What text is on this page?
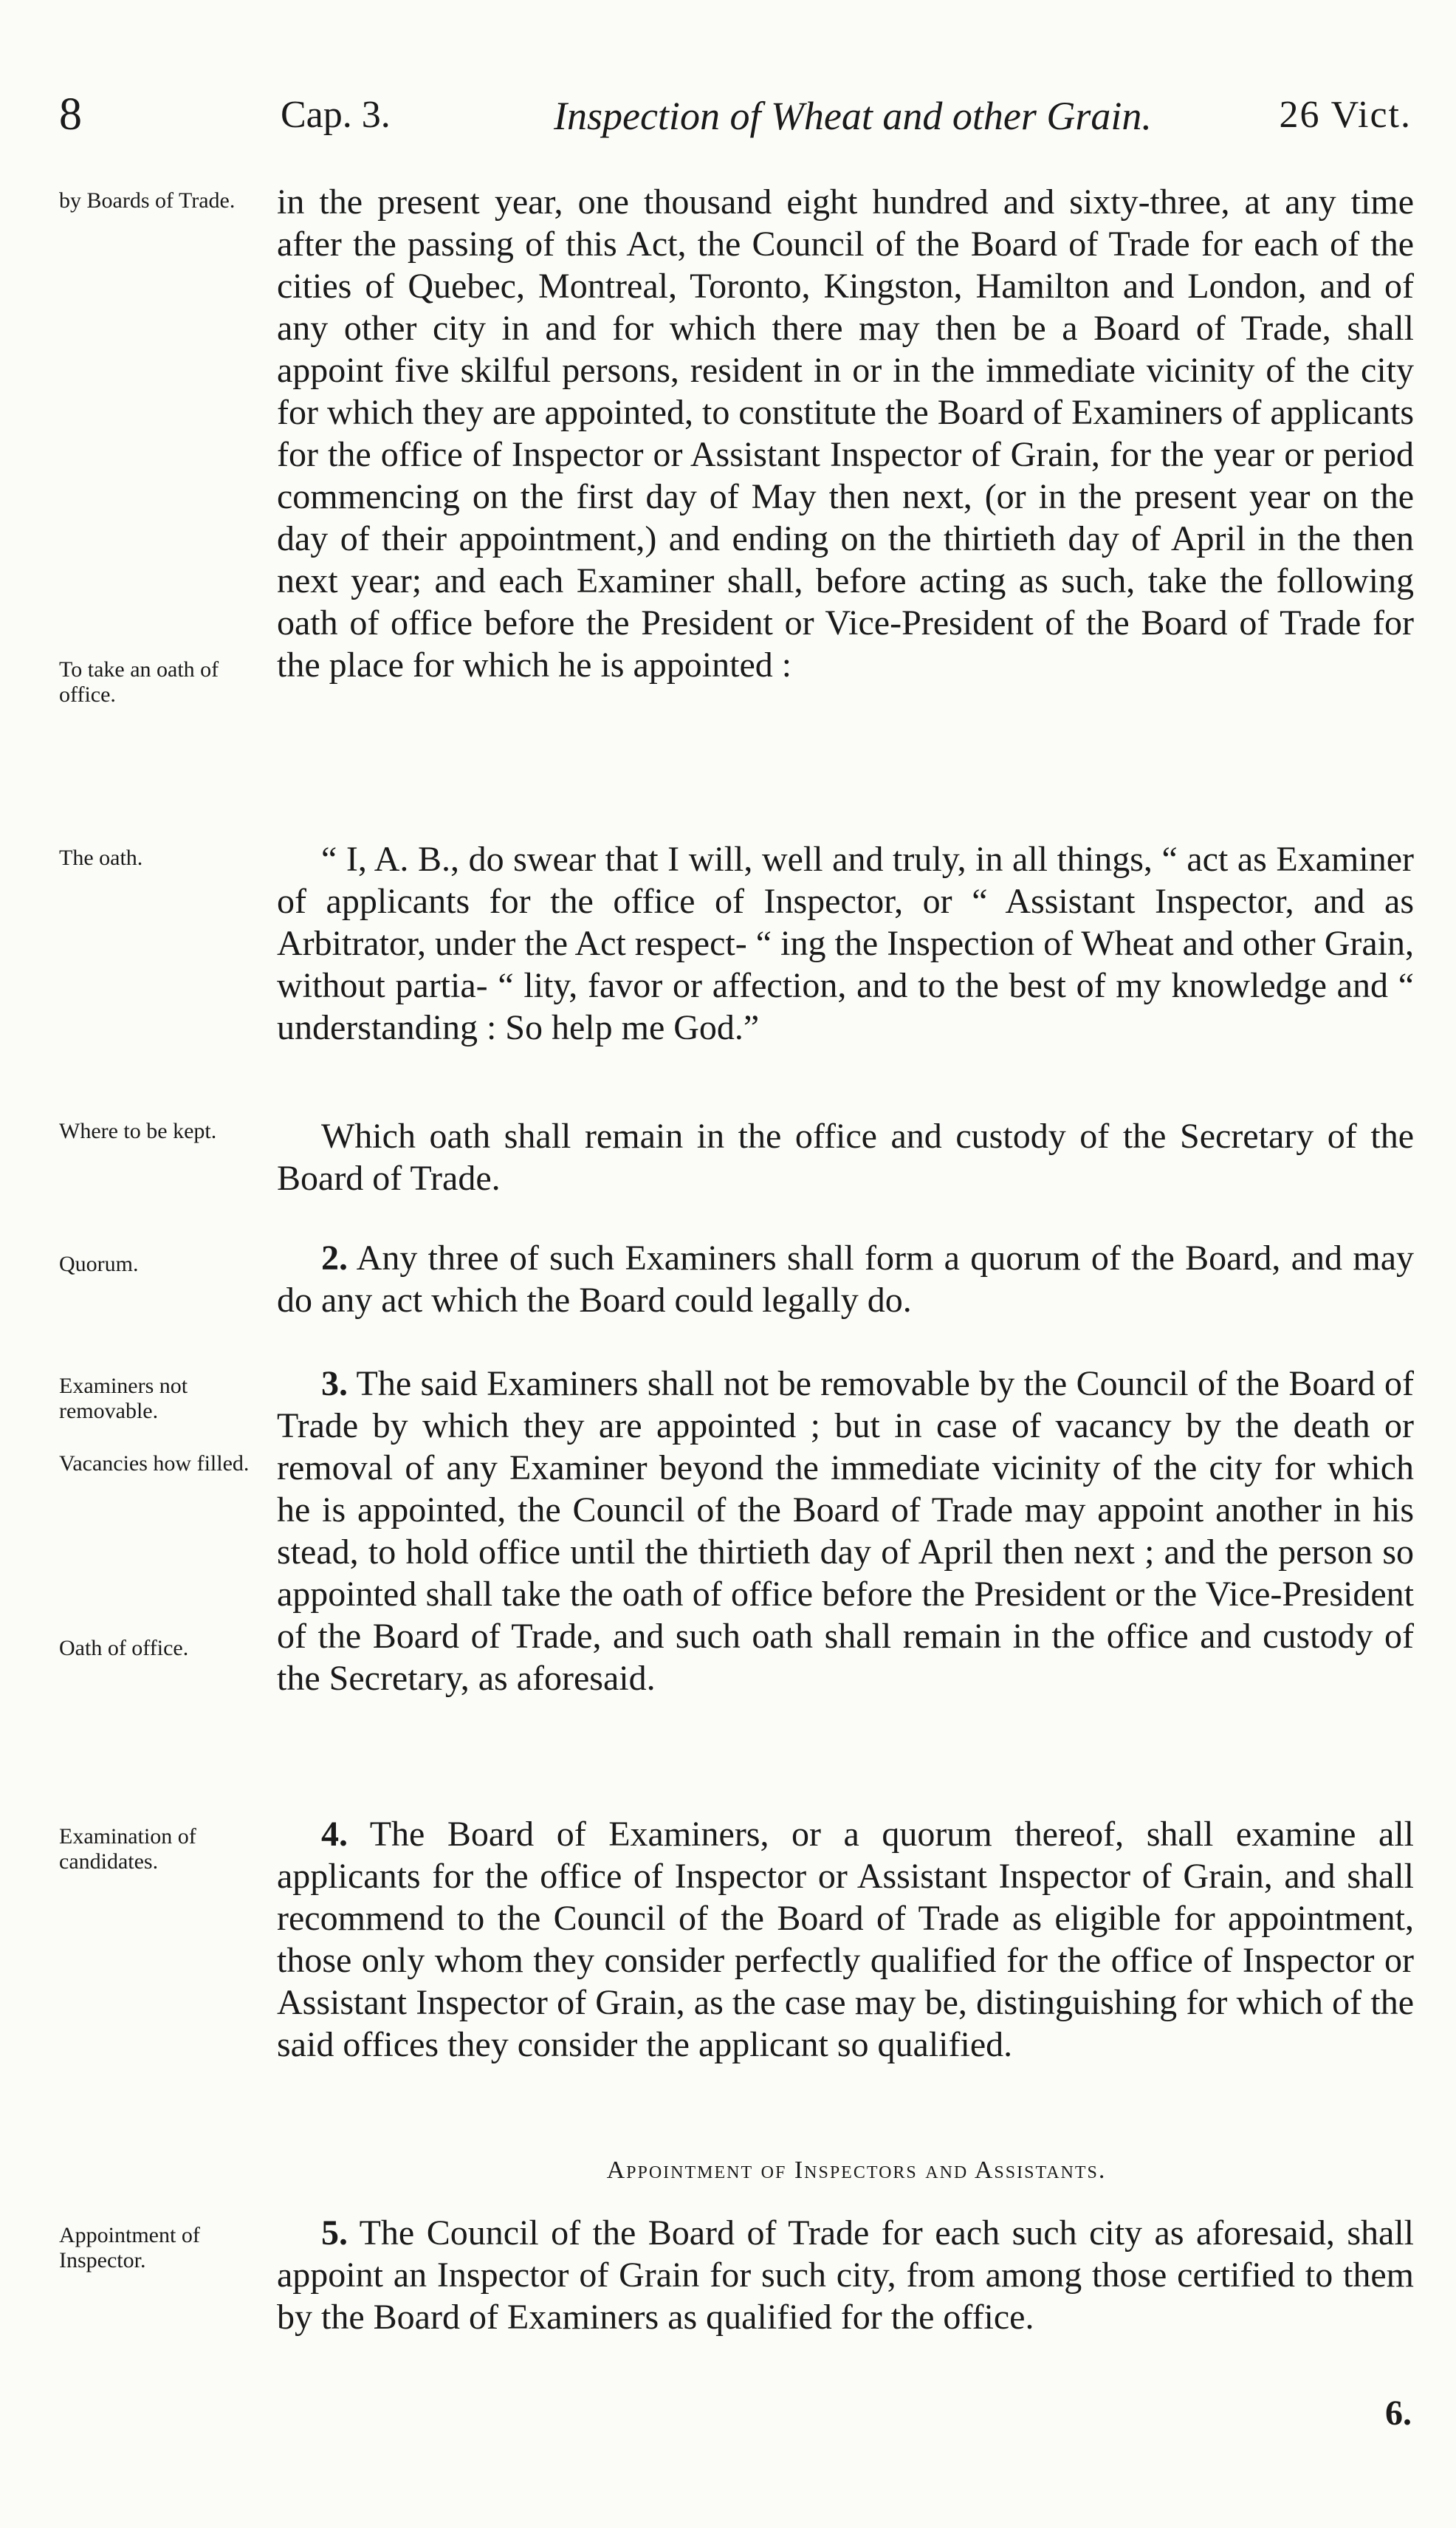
8	Cap. 3.	Inspection of Wheat and other Grain.	26 Vict.
by Boards of Trade.
To take an oath of office.
The oath.
Where to be kept.
Quorum.
Examiners not removable.
Vacancies how filled.
Oath of office.
Examination of candidates.
Appointment of Inspector.
in the present year, one thousand eight hundred and sixty-three, at any time after the passing of this Act, the Council of the Board of Trade for each of the cities of Quebec, Montreal, Toronto, Kingston, Hamilton and London, and of any other city in and for which there may then be a Board of Trade, shall appoint five skilful persons, resident in or in the immediate vicinity of the city for which they are appointed, to constitute the Board of Examiners of applicants for the office of Inspector or Assistant Inspector of Grain, for the year or period commencing on the first day of May then next, (or in the present year on the day of their appointment,) and ending on the thirtieth day of April in the then next year; and each Examiner shall, before acting as such, take the following oath of office before the President or Vice-President of the Board of Trade for the place for which he is appointed :
“ I, A. B., do swear that I will, well and truly, in all things, “ act as Examiner of applicants for the office of Inspector, or “ Assistant Inspector, and as Arbitrator, under the Act respect- “ ing the Inspection of Wheat and other Grain, without partia- “ lity, favor or affection, and to the best of my knowledge and “ understanding : So help me God.”
Which oath shall remain in the office and custody of the Secretary of the Board of Trade.
2. Any three of such Examiners shall form a quorum of the Board, and may do any act which the Board could legally do.
3. The said Examiners shall not be removable by the Council of the Board of Trade by which they are appointed ; but in case of vacancy by the death or removal of any Examiner beyond the immediate vicinity of the city for which he is appointed, the Council of the Board of Trade may appoint another in his stead, to hold office until the thirtieth day of April then next ; and the person so appointed shall take the oath of office before the President or the Vice-President of the Board of Trade, and such oath shall remain in the office and custody of the Secretary, as aforesaid.
4. The Board of Examiners, or a quorum thereof, shall examine all applicants for the office of Inspector or Assistant Inspector of Grain, and shall recommend to the Council of the Board of Trade as eligible for appointment, those only whom they consider perfectly qualified for the office of Inspector or Assistant Inspector of Grain, as the case may be, distinguishing for which of the said offices they consider the applicant so qualified.
Appointment of Inspectors and Assistants.
5. The Council of the Board of Trade for each such city as aforesaid, shall appoint an Inspector of Grain for such city, from among those certified to them by the Board of Examiners as qualified for the office.
6.
